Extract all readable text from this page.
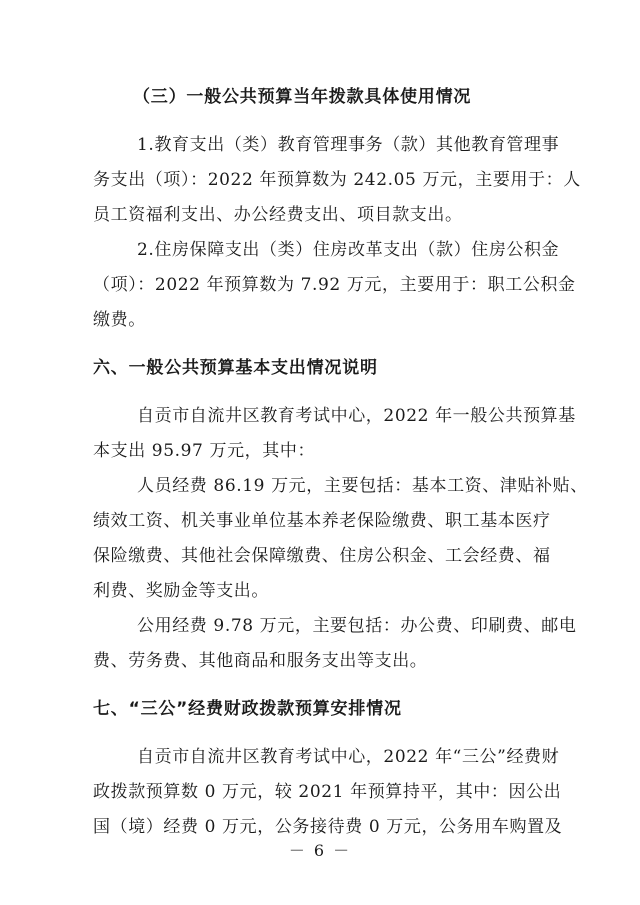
（三）一般公共预算当年拨款具体使用情况
1.教育支出（类）教育管理事务（款）其他教育管理事
务支出（项）：2022 年预算数为 242.05 万元，主要用于：人
员工资福利支出、办公经费支出、项目款支出。
2.住房保障支出（类）住房改革支出（款）住房公积金
（项）：2022 年预算数为 7.92 万元，主要用于：职工公积金
缴费。
六、一般公共预算基本支出情况说明
自贡市自流井区教育考试中心，2022 年一般公共预算基
本支出 95.97 万元，其中：
人员经费 86.19 万元，主要包括：基本工资、津贴补贴、
绩效工资、机关事业单位基本养老保险缴费、职工基本医疗
保险缴费、其他社会保障缴费、住房公积金、工会经费、福
利费、奖励金等支出。
公用经费 9.78 万元，主要包括：办公费、印刷费、邮电
费、劳务费、其他商品和服务支出等支出。
七、“三公”经费财政拨款预算安排情况
自贡市自流井区教育考试中心，2022 年“三公”经费财
政拨款预算数 0 万元，较 2021 年预算持平，其中：因公出
国（境）经费 0 万元，公务接待费 0 万元，公务用车购置及
－ 6 －
